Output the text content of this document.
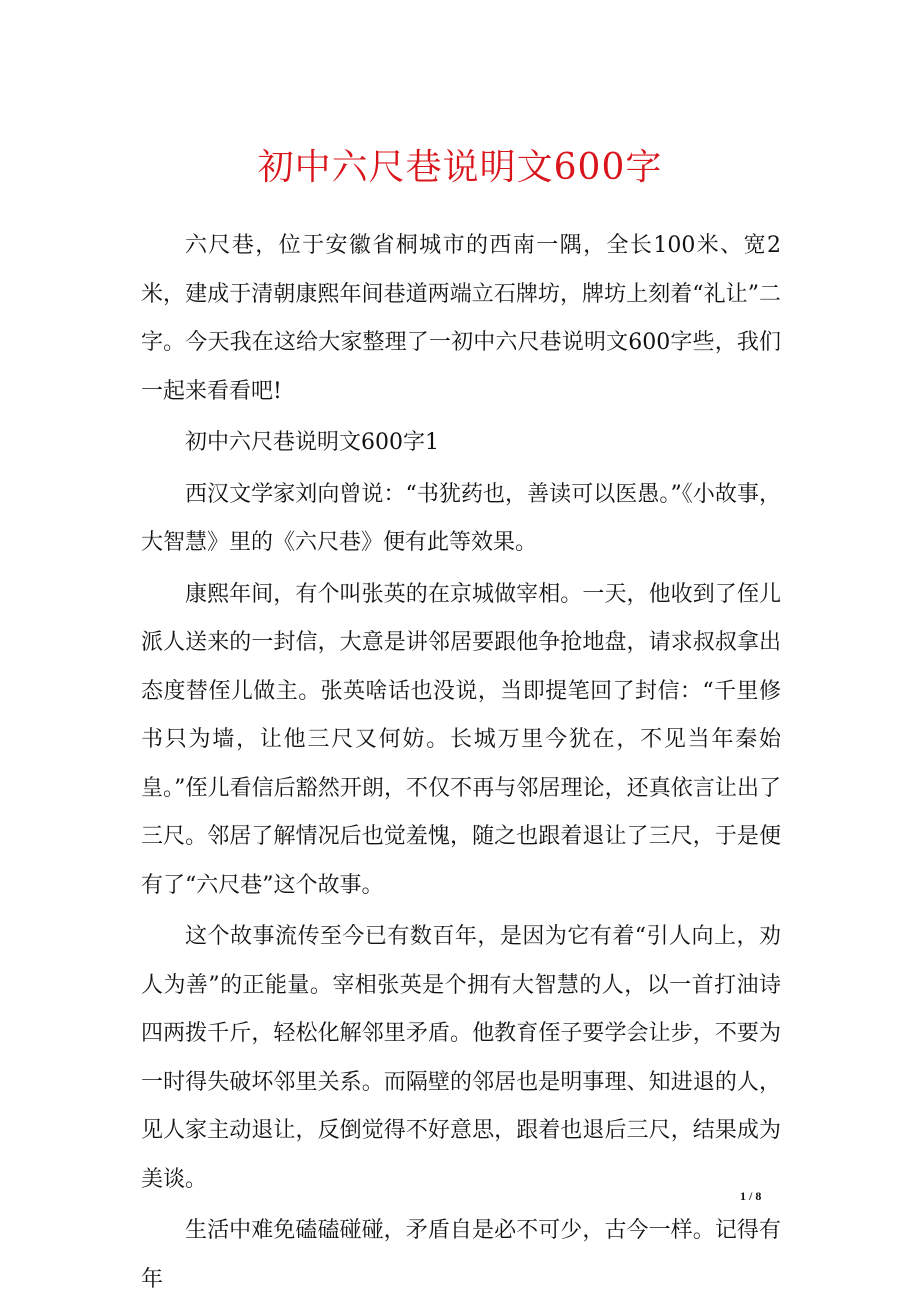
初中六尺巷说明文600字

六尺巷，位于安徽省桐城市的西南一隅，全长100米、宽2米，建成于清朝康熙年间巷道两端立石牌坊，牌坊上刻着“礼让”二字。今天我在这给大家整理了一初中六尺巷说明文600字些，我们一起来看看吧!

初中六尺巷说明文600字1

西汉文学家刘向曾说：“书犹药也，善读可以医愚。”《小故事，大智慧》里的《六尺巷》便有此等效果。

康熙年间，有个叫张英的在京城做宰相。一天，他收到了侄儿派人送来的一封信，大意是讲邻居要跟他争抢地盘，请求叔叔拿出态度替侄儿做主。张英啥话也没说，当即提笔回了封信：“千里修书只为墙，让他三尺又何妨。长城万里今犹在，不见当年秦始皇。”侄儿看信后豁然开朗，不仅不再与邻居理论，还真依言让出了三尺。邻居了解情况后也觉羞愧，随之也跟着退让了三尺，于是便有了“六尺巷”这个故事。

这个故事流传至今已有数百年，是因为它有着“引人向上，劝人为善”的正能量。宰相张英是个拥有大智慧的人，以一首打油诗四两拨千斤，轻松化解邻里矛盾。他教育侄子要学会让步，不要为一时得失破坏邻里关系。而隔壁的邻居也是明事理、知进退的人，见人家主动退让，反倒觉得不好意思，跟着也退后三尺，结果成为美谈。

生活中难免磕磕碰碰，矛盾自是必不可少，古今一样。记得有年

1 / 8
